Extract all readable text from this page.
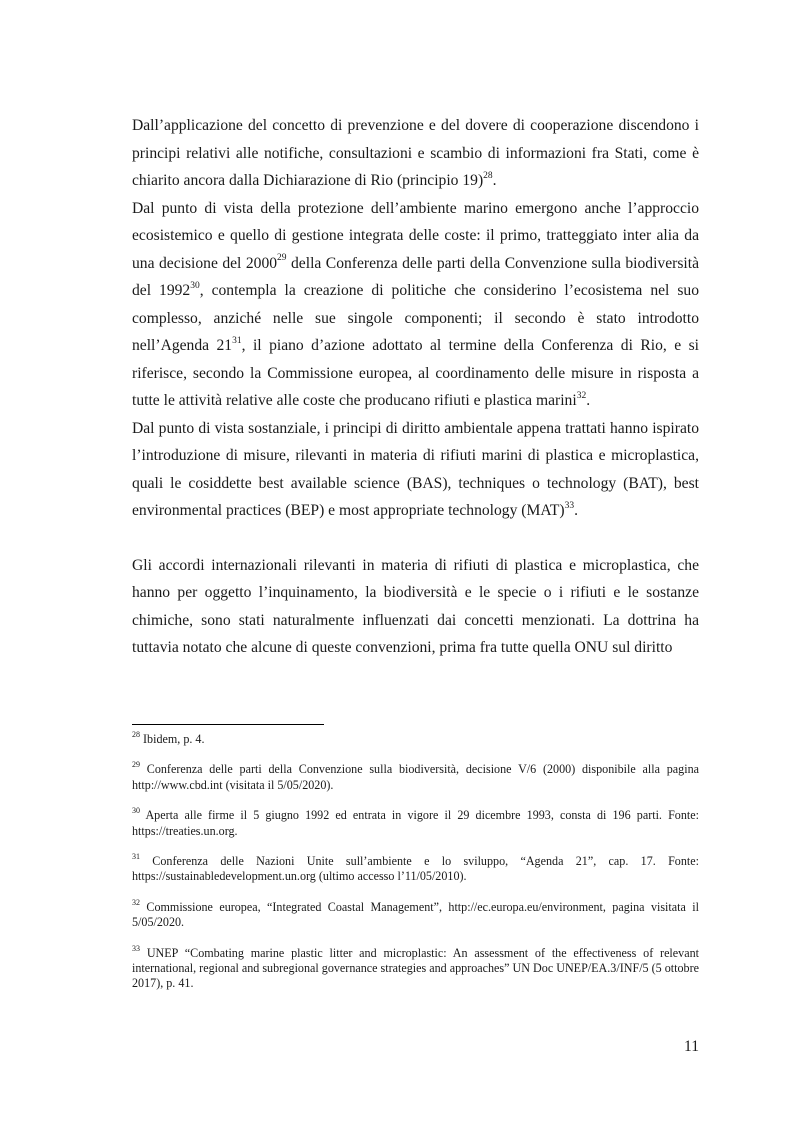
Dall’applicazione del concetto di prevenzione e del dovere di cooperazione discendono i principi relativi alle notifiche, consultazioni e scambio di informazioni fra Stati, come è chiarito ancora dalla Dichiarazione di Rio (principio 19)$^{28}$.

Dal punto di vista della protezione dell’ambiente marino emergono anche l’approccio ecosistemico e quello di gestione integrata delle coste: il primo, tratteggiato inter alia da una decisione del 2000$^{29}$ della Conferenza delle parti della Convenzione sulla biodiversità del 1992$^{30}$, contempla la creazione di politiche che considerino l’ecosistema nel suo complesso, anziché nelle sue singole componenti; il secondo è stato introdotto nell’Agenda $21^{31}$, il piano d’azione adottato al termine della Conferenza di Rio, e si riferisce, secondo la Commissione europea, al coordinamento delle misure in risposta a tutte le attività relative alle coste che producano rifiuti e plastica marini$^{32}$.

Dal punto di vista sostanziale, i principi di diritto ambientale appena trattati hanno ispirato l’introduzione di misure, rilevanti in materia di rifiuti marini di plastica e microplastica, quali le cosiddette best available science (BAS), techniques o technology (BAT), best environmental practices (BEP) e most appropriate technology (MAT)$^{33}$.

Gli accordi internazionali rilevanti in materia di rifiuti di plastica e microplastica, che hanno per oggetto l’inquinamento, la biodiversità e le specie o i rifiuti e le sostanze chimiche, sono stati naturalmente influenzati dai concetti menzionati. La dottrina ha tuttavia notato che alcune di queste convenzioni, prima fra tutte quella ONU sul diritto

$^{28}$ Ibidem, p. 4.

$^{29}$ Conferenza delle parti della Convenzione sulla biodiversità, decisione V/6 (2000) disponibile alla pagina http://www.cbd.int (visitata il 5/05/2020).

$^{30}$ Aperta alle firme il 5 giugno 1992 ed entrata in vigore il 29 dicembre 1993, consta di 196 parti. Fonte: https://treaties.un.org.

$^{31}$ Conferenza delle Nazioni Unite sull’ambiente e lo sviluppo, “Agenda 21”, cap. 17. Fonte: https://sustainabledevelopment.un.org (ultimo accesso l’11/05/2010).

$^{32}$ Commissione europea, “Integrated Coastal Management”, http://ec.europa.eu/environment, pagina visitata il 5/05/2020.

$^{33}$ UNEP “Combating marine plastic litter and microplastic: An assessment of the effectiveness of relevant international, regional and subregional governance strategies and approaches” UN Doc UNEP/EA.3/INF/5 (5 ottobre 2017), p. 41.

11
